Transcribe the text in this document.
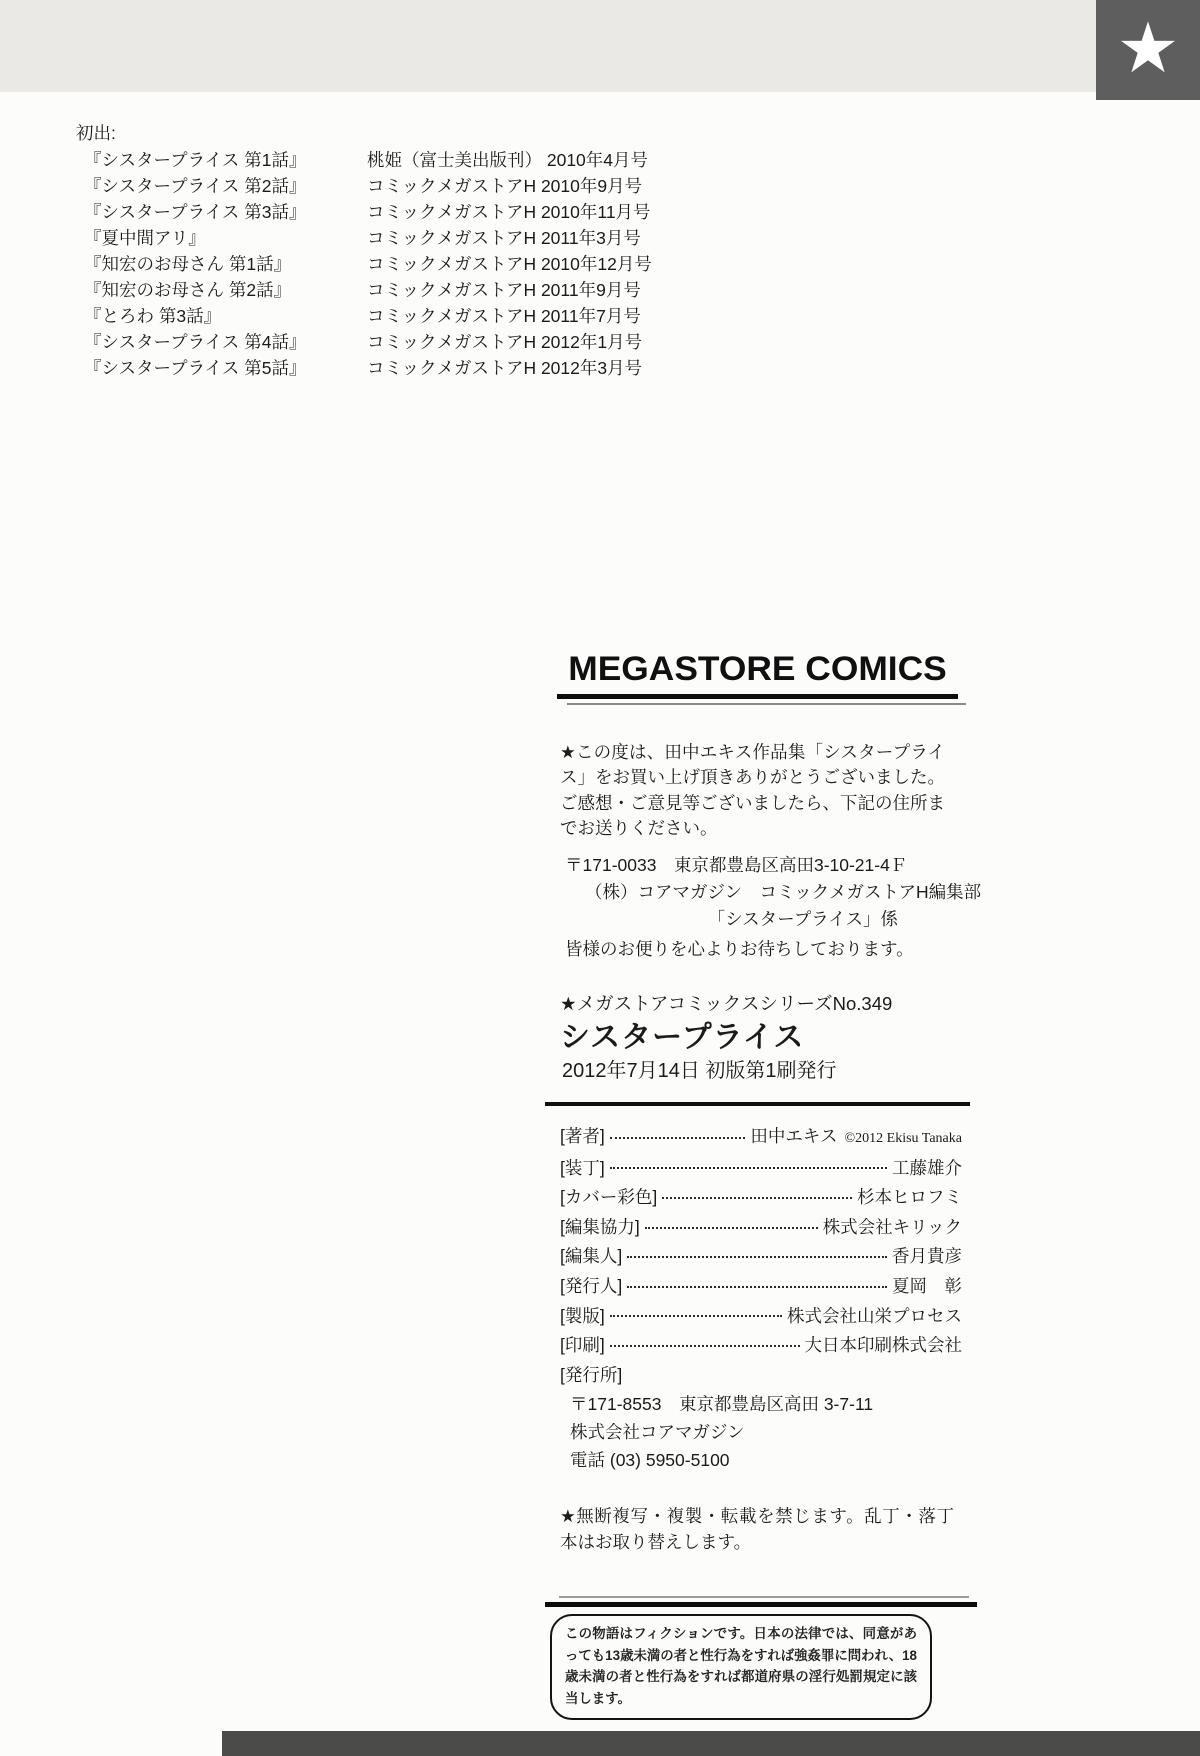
★
初出:
『シスタープライス 第1話』	桃姫（富士美出版刊） 2010年4月号
『シスタープライス 第2話』	コミックメガストアH 2010年9月号
『シスタープライス 第3話』	コミックメガストアH 2010年11月号
『夏中間アリ』	コミックメガストアH 2011年3月号
『知宏のお母さん 第1話』	コミックメガストアH 2010年12月号
『知宏のお母さん 第2話』	コミックメガストアH 2011年9月号
『とろわ 第3話』	コミックメガストアH 2011年7月号
『シスタープライス 第4話』	コミックメガストアH 2012年1月号
『シスタープライス 第5話』	コミックメガストアH 2012年3月号
MEGASTORE COMICS
★この度は、田中エキス作品集「シスタープライス」をお買い上げ頂きありがとうございました。ご感想・ご意見等ございましたら、下記の住所までお送りください。
〒171-0033　東京都豊島区高田3-10-21-4Ｆ
（株）コアマガジン　コミックメガストアH編集部
「シスタープライス」係
皆様のお便りを心よりお待ちしております。
★メガストアコミックスシリーズNo.349
シスタープライス
2012年7月14日 初版第1刷発行
[著者]	田中エキス ©2012 Ekisu Tanaka
[装丁]	工藤雄介
[カバー彩色]	杉本ヒロフミ
[編集協力]	株式会社キリック
[編集人]	香月貴彦
[発行人]	夏岡　彰
[製版]	株式会社山栄プロセス
[印刷]	大日本印刷株式会社
[発行所]
〒171-8553　東京都豊島区高田 3-7-11
株式会社コアマガジン
電話 (03) 5950-5100
★無断複写・複製・転載を禁じます。乱丁・落丁本はお取り替えします。
この物語はフィクションです。日本の法律では、同意があっても13歳未満の者と性行為をすれば強姦罪に問われ、18歳未満の者と性行為をすれば都道府県の淫行処罰規定に該当します。
